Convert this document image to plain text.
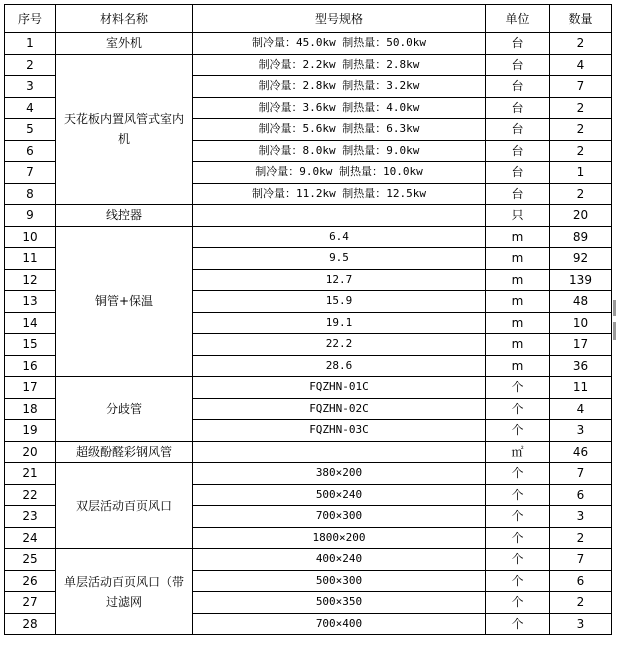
序号	材料名称	型号规格	单位	数量
1	室外机	制冷量：45.0kw 制热量：50.0kw	台	2
2	天花板内置风管式室内机	制冷量：2.2kw 制热量：2.8kw	台	4
3		制冷量：2.8kw 制热量：3.2kw	台	7
4		制冷量：3.6kw 制热量：4.0kw	台	2
5		制冷量：5.6kw 制热量：6.3kw	台	2
6		制冷量：8.0kw 制热量：9.0kw	台	2
7		制冷量：9.0kw 制热量：10.0kw	台	1
8		制冷量：11.2kw 制热量：12.5kw	台	2
9	线控器		只	20
10	铜管+保温	6.4	m	89
11		9.5	m	92
12		12.7	m	139
13		15.9	m	48
14		19.1	m	10
15		22.2	m	17
16		28.6	m	36
17	分歧管	FQZHN-01C	个	11
18		FQZHN-02C	个	4
19		FQZHN-03C	个	3
20	超级酚醛彩钢风管		㎡	46
21	双层活动百页风口	380×200	个	7
22		500×240	个	6
23		700×300	个	3
24		1800×200	个	2
25	单层活动百页风口（带过滤网	400×240	个	7
26		500×300	个	6
27		500×350	个	2
28		700×400	个	3
